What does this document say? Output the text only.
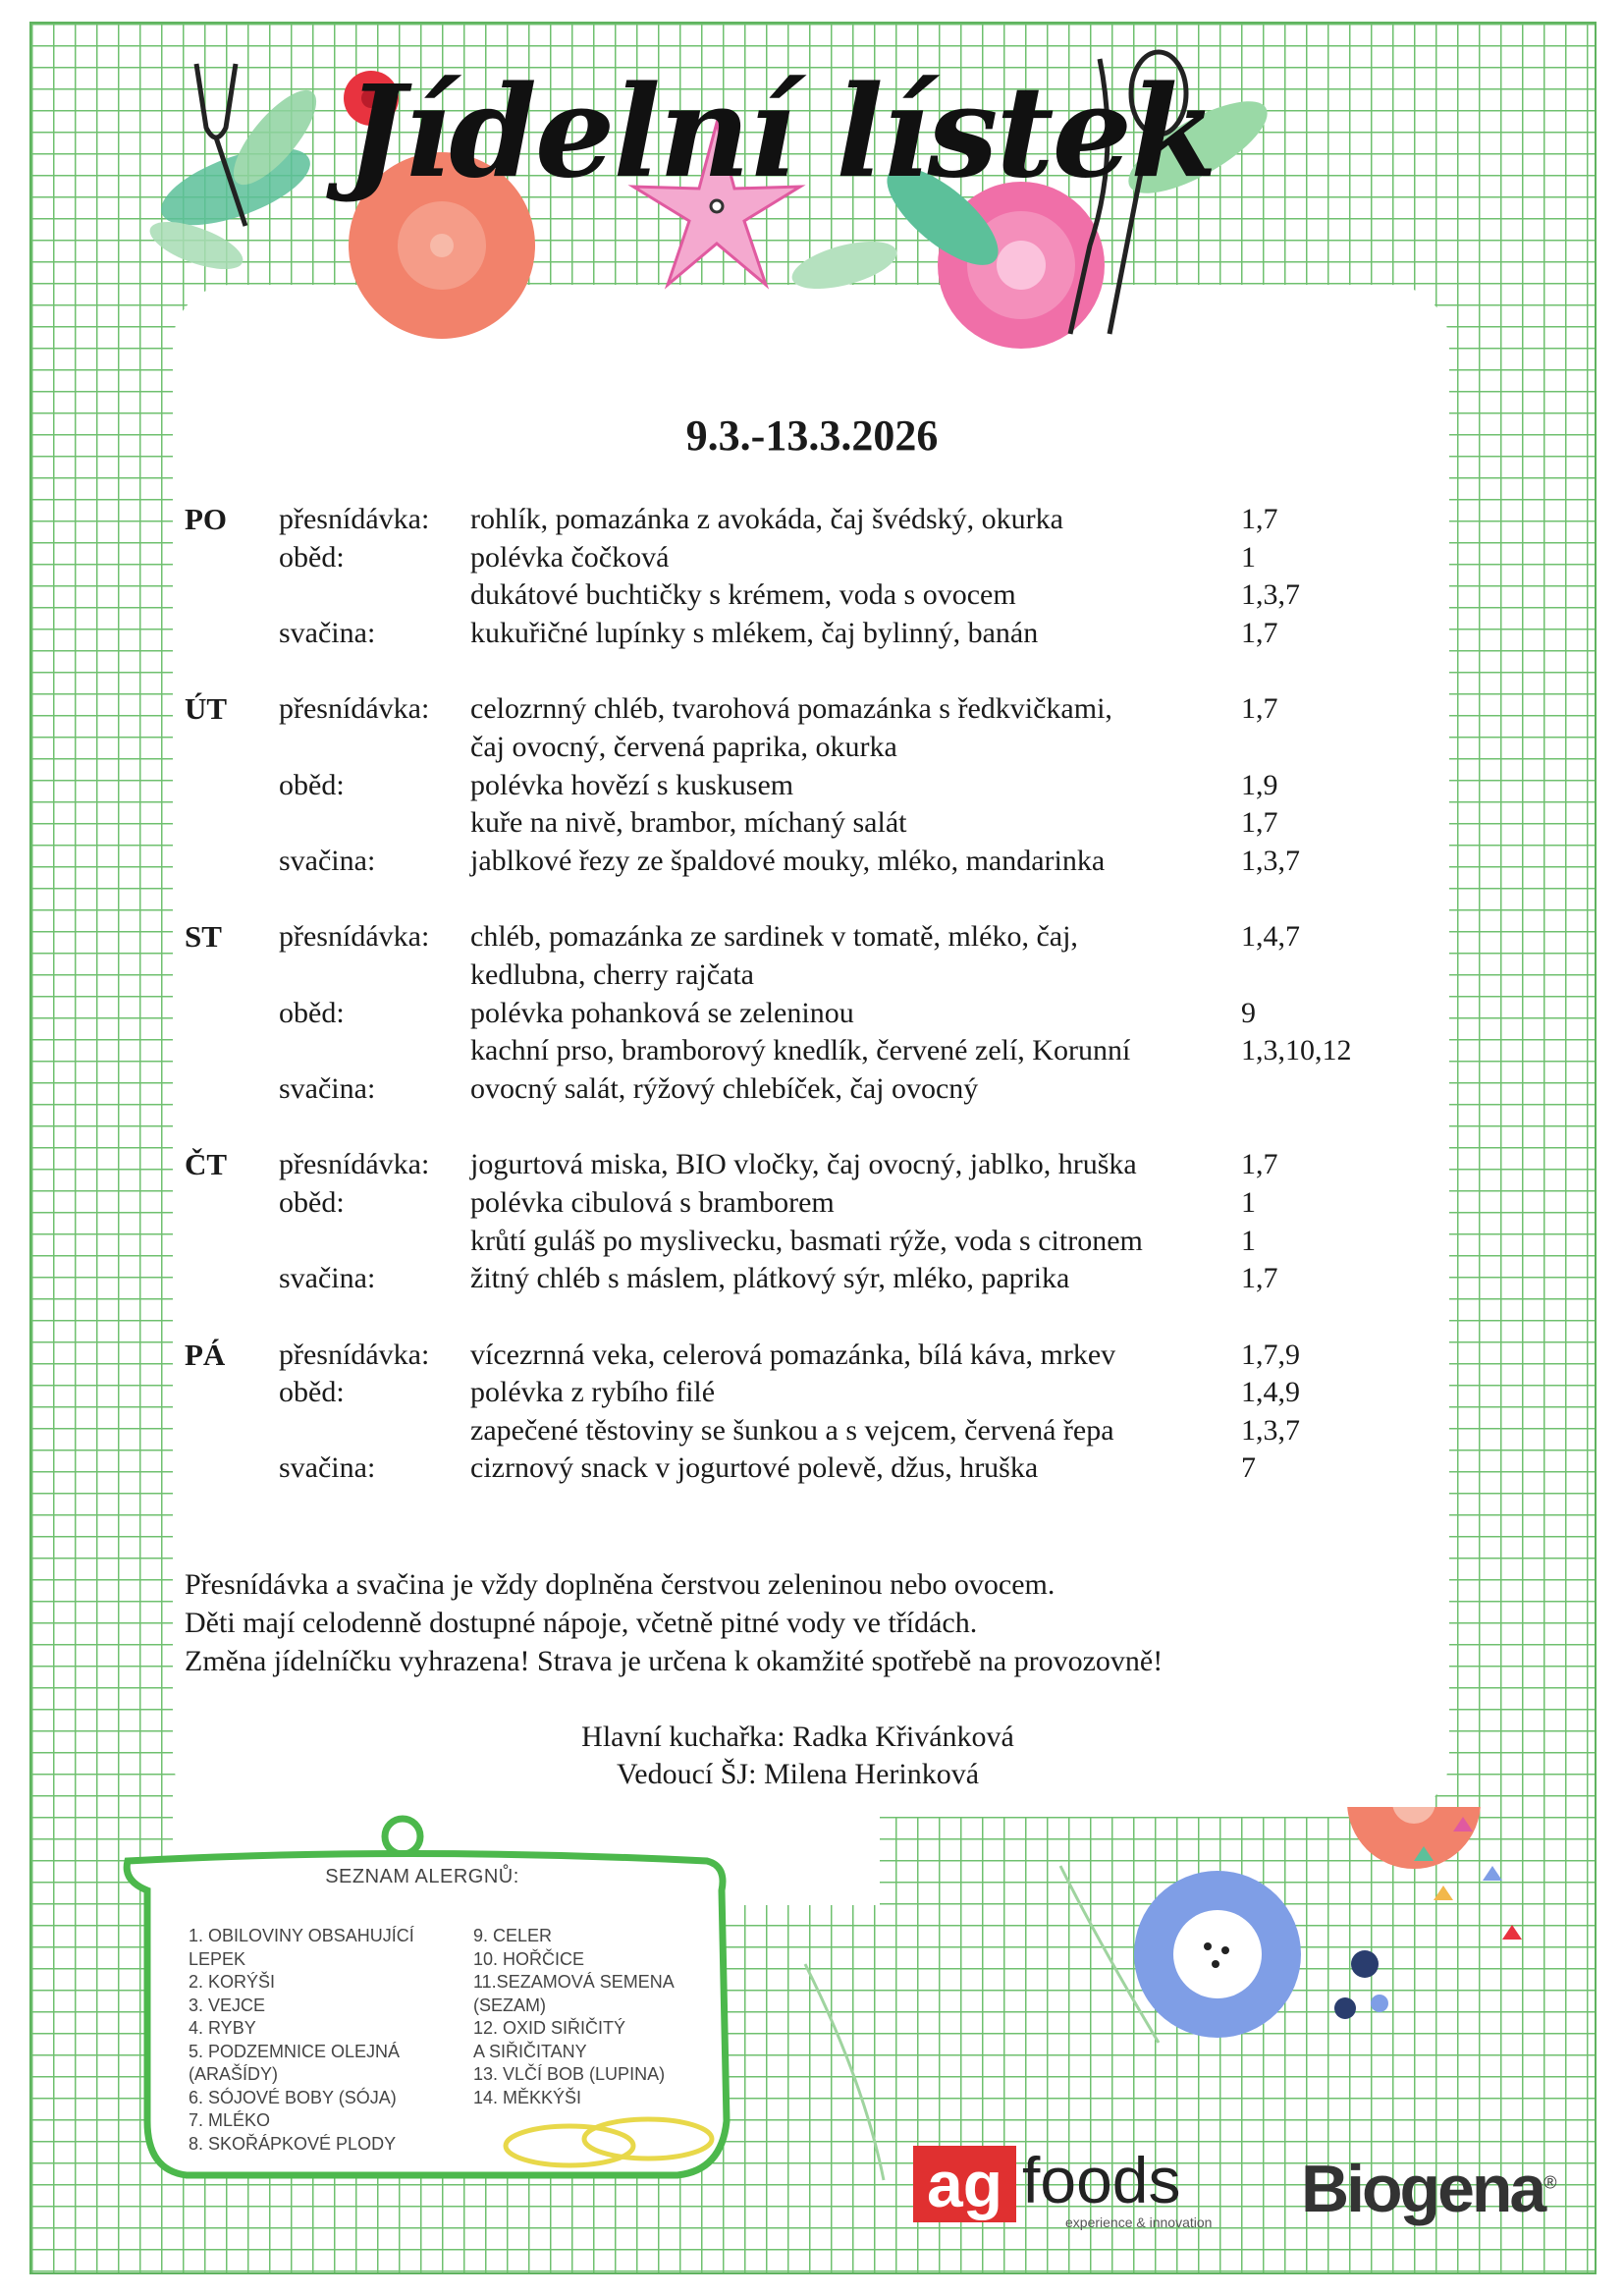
Jídelní lístek
9.3.-13.3.2026
PO	přesnídávka:	rohlík, pomazánka z avokáda, čaj švédský, okurka	1,7
oběd:	polévka čočková	1
dukátové buchtičky s krémem, voda s ovocem	1,3,7
svačina:	kukuřičné lupínky s mlékem, čaj bylinný, banán	1,7
ÚT	přesnídávka:	celozrnný chléb, tvarohová pomazánka s ředkvičkami,	1,7
čaj ovocný, červená paprika, okurka
oběd:	polévka hovězí s kuskusem	1,9
kuře na nivě, brambor, míchaný salát	1,7
svačina:	jablkové řezy ze špaldové mouky, mléko, mandarinka	1,3,7
ST	přesnídávka:	chléb, pomazánka ze sardinek v tomatě, mléko, čaj,	1,4,7
kedlubna, cherry rajčata
oběd:	polévka pohanková se zeleninou	9
kachní prso, bramborový knedlík, červené zelí, Korunní	1,3,10,12
svačina:	ovocný salát, rýžový chlebíček, čaj ovocný
ČT	přesnídávka:	jogurtová miska, BIO vločky, čaj ovocný, jablko, hruška	1,7
oběd:	polévka cibulová s bramborem	1
krůtí guláš po myslivecku, basmati rýže, voda s citronem	1
svačina:	žitný chléb s máslem, plátkový sýr, mléko, paprika	1,7
PÁ	přesnídávka:	vícezrnná veka, celerová pomazánka, bílá káva, mrkev	1,7,9
oběd:	polévka z rybího filé	1,4,9
zapečené těstoviny se šunkou a s vejcem, červená řepa	1,3,7
svačina:	cizrnový snack v jogurtové polevě, džus, hruška	7
Přesnídávka a svačina je vždy doplněna čerstvou zeleninou nebo ovocem.
Děti mají celodenně dostupné nápoje, včetně pitné vody ve třídách.
Změna jídelníčku vyhrazena! Strava je určena k okamžité spotřebě na provozovně!
Hlavní kuchařka: Radka Křivánková
Vedoucí ŠJ: Milena Herinková
SEZNAM ALERGNŮ:
1. OBILOVINY OBSAHUJÍCÍ
LEPEK
2. KORÝŠI
3. VEJCE
4. RYBY
5. PODZEMNICE OLEJNÁ
(ARAŠÍDY)
6. SÓJOVÉ BOBY (SÓJA)
7. MLÉKO
8. SKOŘÁPKOVÉ PLODY
9. CELER
10. HOŘČICE
11.SEZAMOVÁ SEMENA
(SEZAM)
12. OXID SIŘIČITÝ
A SIŘIČITANY
13. VLČÍ BOB (LUPINA)
14. MĚKKÝŠI
ag foods
experience & innovation	Biogena®
